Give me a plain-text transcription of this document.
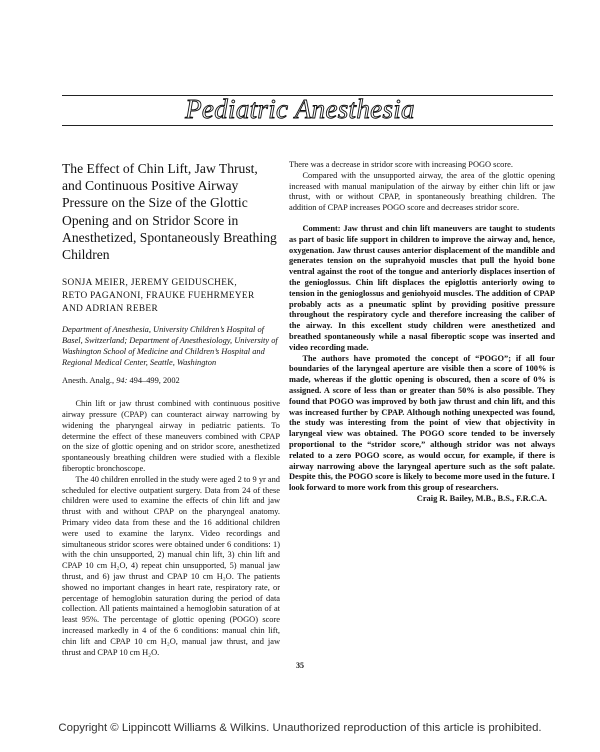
Pediatric Anesthesia
The Effect of Chin Lift, Jaw Thrust, and Continuous Positive Airway Pressure on the Size of the Glottic Opening and on Stridor Score in Anesthetized, Spontaneously Breathing Children
SONJA MEIER, JEREMY GEIDUSCHEK,
RETO PAGANONI, FRAUKE FUEHRMEYER
AND ADRIAN REBER

Department of Anesthesia, University Children’s Hospital of Basel, Switzerland; Department of Anesthesiology, University of Washington School of Medicine and Children’s Hospital and Regional Medical Center, Seattle, Washington

Anesth. Analg., 94: 494–499, 2002

Chin lift or jaw thrust combined with continuous positive airway pressure (CPAP) can counteract airway narrowing by widening the pharyngeal airway in pediatric patients. To determine the effect of these maneuvers combined with CPAP on the size of glottic opening and on stridor score, anesthetized spontaneously breathing children were studied with a flexible fiberoptic bronchoscope.

The 40 children enrolled in the study were aged 2 to 9 yr and scheduled for elective outpatient surgery. Data from 24 of these children were used to examine the effects of chin lift and jaw thrust with and without CPAP on the pharyngeal anatomy. Primary video data from these and the 16 additional children were used to examine the larynx. Video recordings and simultaneous stridor scores were obtained under 6 conditions: 1) with the chin unsupported, 2) manual chin lift, 3) chin lift and CPAP 10 cm H₂O, 4) repeat chin unsupported, 5) manual jaw thrust, and 6) jaw thrust and CPAP 10 cm H₂O. The patients showed no important changes in heart rate, respiratory rate, or percentage of hemoglobin saturation during the period of data collection. All patients maintained a hemoglobin saturation of at least 95%. The percentage of glottic opening (POGO) score increased markedly in 4 of the 6 conditions: manual chin lift, chin lift and CPAP 10 cm H₂O, manual jaw thrust, and jaw thrust and CPAP 10 cm H₂O.

There was a decrease in stridor score with increasing POGO score.

Compared with the unsupported airway, the area of the glottic opening increased with manual manipulation of the airway by either chin lift or jaw thrust, with or without CPAP, in spontaneously breathing children. The addition of CPAP increases POGO score and decreases stridor score.

Comment: Jaw thrust and chin lift maneuvers are taught to students as part of basic life support in children to improve the airway and, hence, oxygenation. Jaw thrust causes anterior displacement of the mandible and generates tension on the suprahyoid muscles that pull the hyoid bone ventral against the root of the tongue and anteriorly displaces insertion of the genioglossus. Chin lift displaces the epiglottis anteriorly owing to tension in the genioglossus and geniohyoid muscles. The addition of CPAP probably acts as a pneumatic splint by providing positive pressure throughout the respiratory cycle and therefore increasing the caliber of the airway. In this excellent study children were anesthetized and breathed spontaneously while a nasal fiberoptic scope was inserted and video recording made.

The authors have promoted the concept of “POGO”; if all four boundaries of the laryngeal aperture are visible then a score of 100% is made, whereas if the glottic opening is obscured, then a score of 0% is assigned. A score of less than or greater than 50% is also possible. They found that POGO was improved by both jaw thrust and chin lift, and this was increased further by CPAP. Although nothing unexpected was found, the study was interesting from the point of view that objectivity in laryngeal view was obtained. The POGO score tended to be inversely proportional to the “stridor score,” although stridor was not always related to a zero POGO score, as would occur, for example, if there is airway narrowing above the laryngeal aperture such as the soft palate. Despite this, the POGO score is likely to become more used in the future. I look forward to more work from this group of researchers.

Craig R. Bailey, M.B., B.S., F.R.C.A.

35
Copyright © Lippincott Williams & Wilkins. Unauthorized reproduction of this article is prohibited.
